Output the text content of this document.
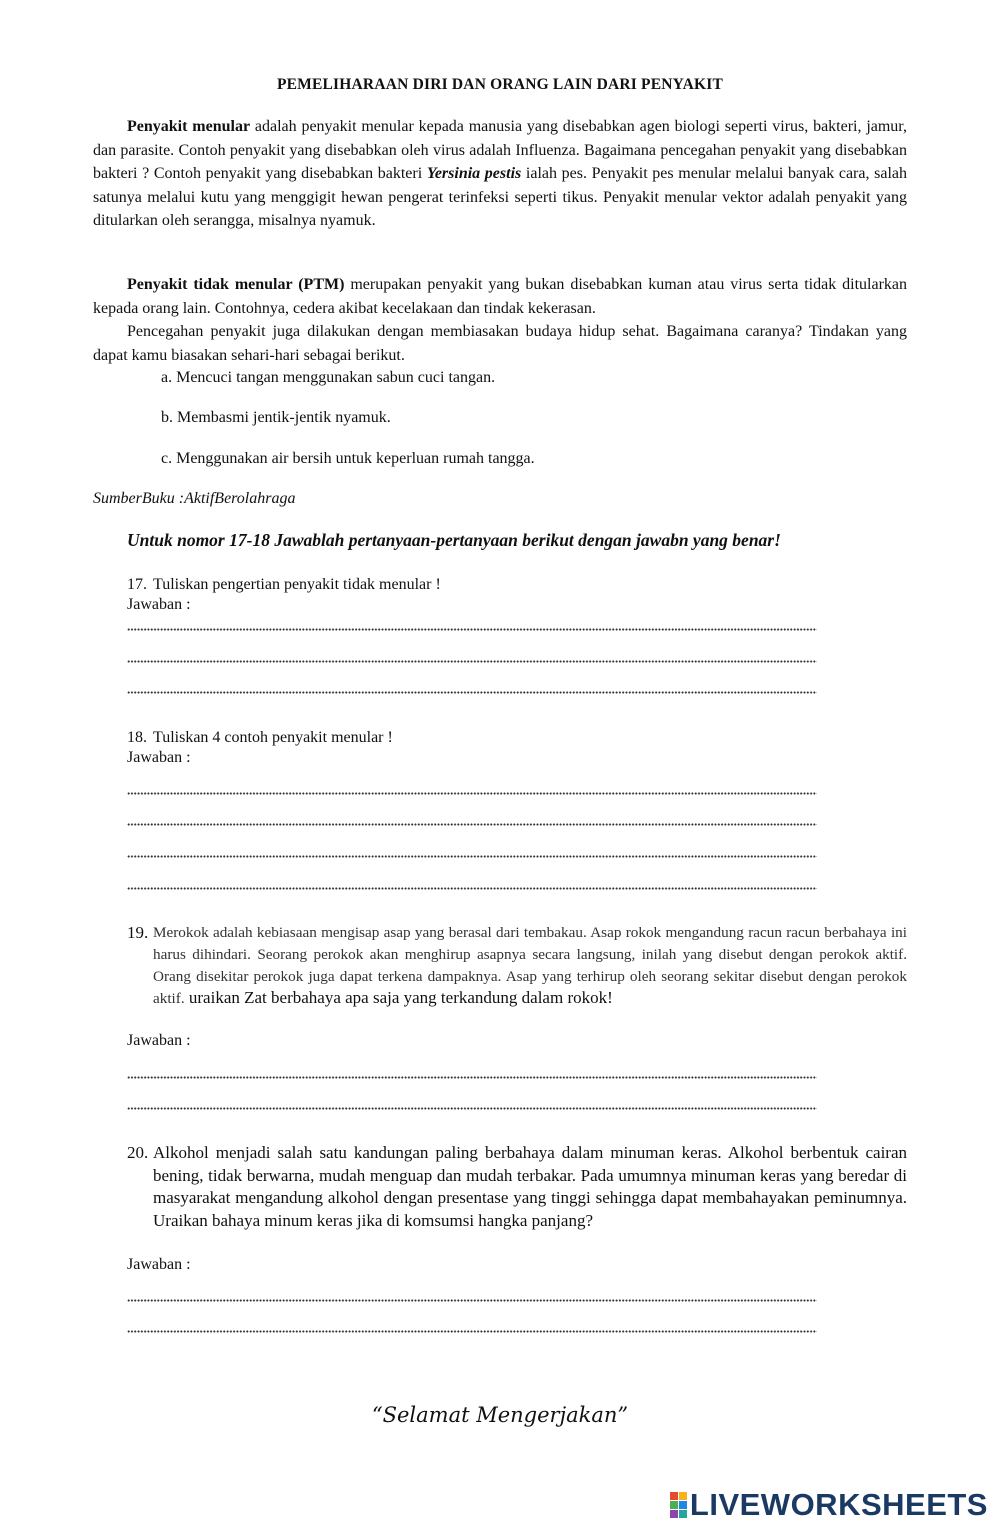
PEMELIHARAAN DIRI DAN ORANG LAIN DARI PENYAKIT

Penyakit menular adalah penyakit menular kepada manusia yang disebabkan agen biologi seperti virus, bakteri, jamur, dan parasite. Contoh penyakit yang disebabkan oleh virus adalah Influenza. Bagaimana pencegahan penyakit yang disebabkan bakteri ? Contoh penyakit yang disebabkan bakteri Yersinia pestis ialah pes. Penyakit pes menular melalui banyak cara, salah satunya melalui kutu yang menggigit hewan pengerat terinfeksi seperti tikus. Penyakit menular vektor adalah penyakit yang ditularkan oleh serangga, misalnya nyamuk.

Penyakit tidak menular (PTM) merupakan penyakit yang bukan disebabkan kuman atau virus serta tidak ditularkan kepada orang lain. Contohnya, cedera akibat kecelakaan dan tindak kekerasan.

Pencegahan penyakit juga dilakukan dengan membiasakan budaya hidup sehat. Bagaimana caranya? Tindakan yang dapat kamu biasakan sehari-hari sebagai berikut.

a. Mencuci tangan menggunakan sabun cuci tangan.
b. Membasmi jentik-jentik nyamuk.
c. Menggunakan air bersih untuk keperluan rumah tangga.
SumberBuku :AktifBerolahraga
Untuk nomor 17-18 Jawablah pertanyaan-pertanyaan berikut dengan jawabn yang benar!
17. Tuliskan pengertian penyakit tidak menular !
Jawaban :
18. Tuliskan 4 contoh penyakit menular !
Jawaban :
19. Merokok adalah kebiasaan mengisap asap yang berasal dari tembakau. Asap rokok mengandung racun racun berbahaya ini harus dihindari. Seorang perokok akan menghirup asapnya secara langsung, inilah yang disebut dengan perokok aktif. Orang disekitar perokok juga dapat terkena dampaknya. Asap yang terhirup oleh seorang sekitar disebut dengan perokok aktif. uraikan Zat berbahaya apa saja yang terkandung dalam rokok!
Jawaban :
20. Alkohol menjadi salah satu kandungan paling berbahaya dalam minuman keras. Alkohol berbentuk cairan bening, tidak berwarna, mudah menguap dan mudah terbakar. Pada umumnya minuman keras yang beredar di masyarakat mengandung alkohol dengan presentase yang tinggi sehingga dapat membahayakan peminumnya. Uraikan bahaya minum keras jika di komsumsi hangka panjang?
Jawaban :
“Selamat Mengerjakan”
LIVEWORKSHEETS
